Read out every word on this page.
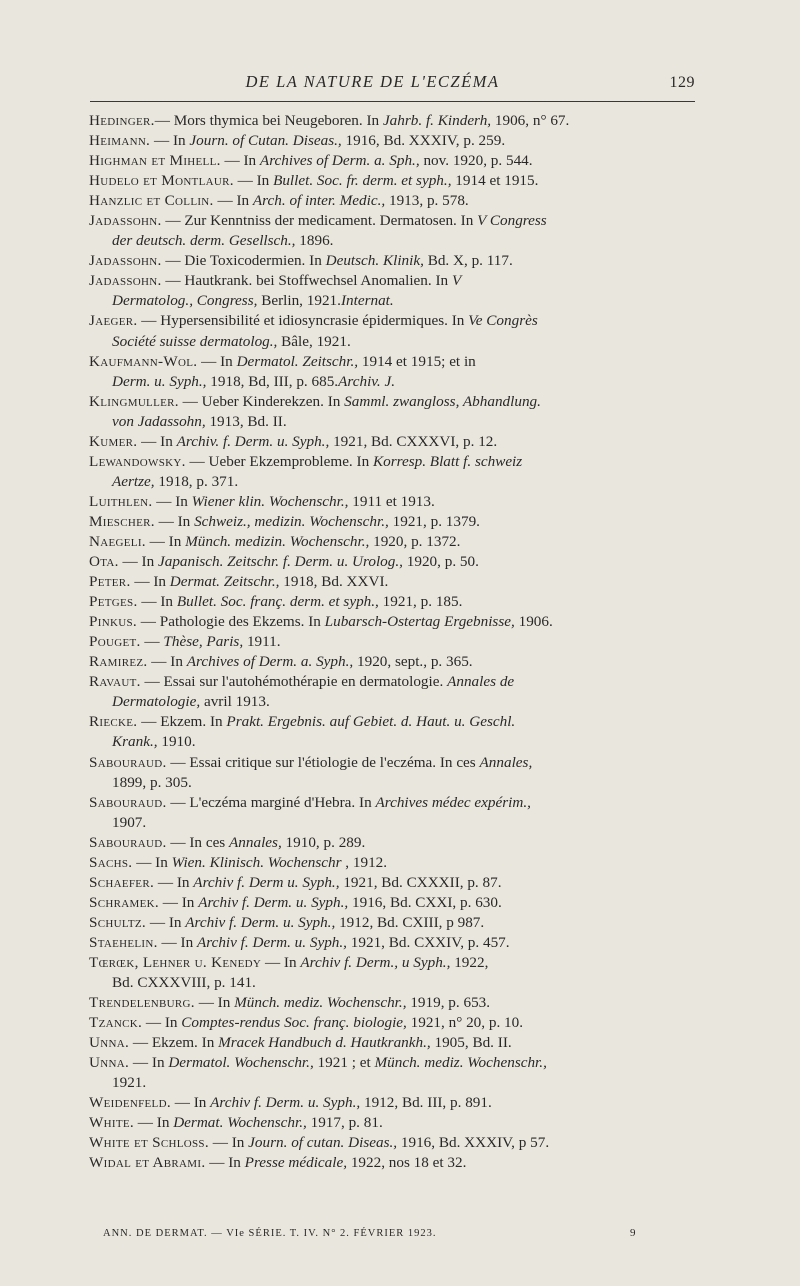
DE LA NATURE DE L'ECZÉMA	129
Hedinger.— Mors thymica bei Neugeboren. In Jahrb. f. Kinderh, 1906, n° 67.
Heimann. — In Journ. of Cutan. Diseas., 1916, Bd. XXXIV, p. 259.
Highman et Mihell. — In Archives of Derm. a. Sph., nov. 1920, p. 544.
Hudelo et Montlaur. — In Bullet. Soc. fr. derm. et syph., 1914 et 1915.
Hanzlic et Collin. — In Arch. of inter. Medic., 1913, p. 578.
Jadassohn. — Zur Kenntniss der medicament. Dermatosen. In V Congress
der deutsch. derm. Gesellsch., 1896.
Jadassohn. — Die Toxicodermien. In Deutsch. Klinik, Bd. X, p. 117.
Jadassohn. — Hautkrank. bei Stoffwechsel Anomalien. In V
Dermatolog., Congress, Berlin, 1921.Internat.
Jaeger. — Hypersensibilité et idiosyncrasie épidermiques. In Ve Congrès
Société suisse dermatolog., Bâle, 1921.
Kaufmann-Wol. — In Dermatol. Zeitschr., 1914 et 1915; et in
Derm. u. Syph., 1918, Bd, III, p. 685.Archiv. J.
Klingmuller. — Ueber Kinderekzen. In Samml. zwangloss, Abhandlung.
von Jadassohn, 1913, Bd. II.
Kumer. — In Archiv. f. Derm. u. Syph., 1921, Bd. CXXXVI, p. 12.
Lewandowsky. — Ueber Ekzemprobleme. In Korresp. Blatt f. schweiz
Aertze, 1918, p. 371.
Luithlen. — In Wiener klin. Wochenschr., 1911 et 1913.
Miescher. — In Schweiz., medizin. Wochenschr., 1921, p. 1379.
Naegeli. — In Münch. medizin. Wochenschr., 1920, p. 1372.
Ota. — In Japanisch. Zeitschr. f. Derm. u. Urolog., 1920, p. 50.
Peter. — In Dermat. Zeitschr., 1918, Bd. XXVI.
Petges. — In Bullet. Soc. franç. derm. et syph., 1921, p. 185.
Pinkus. — Pathologie des Ekzems. In Lubarsch-Ostertag Ergebnisse, 1906.
Pouget. — Thèse, Paris, 1911.
Ramirez. — In Archives of Derm. a. Syph., 1920, sept., p. 365.
Ravaut. — Essai sur l'autohémothérapie en dermatologie. Annales de
Dermatologie, avril 1913.
Riecke. — Ekzem. In Prakt. Ergebnis. auf Gebiet. d. Haut. u. Geschl.
Krank., 1910.
Sabouraud. — Essai critique sur l'étiologie de l'eczéma. In ces Annales,
1899, p. 305.
Sabouraud. — L'eczéma marginé d'Hebra. In Archives médec expérim.,
1907.
Sabouraud. — In ces Annales, 1910, p. 289.
Sachs. — In Wien. Klinisch. Wochenschr , 1912.
Schaefer. — In Archiv f. Derm u. Syph., 1921, Bd. CXXXII, p. 87.
Schramek. — In Archiv f. Derm. u. Syph., 1916, Bd. CXXI, p. 630.
Schultz. — In Archiv f. Derm. u. Syph., 1912, Bd. CXIII, p 987.
Staehelin. — In Archiv f. Derm. u. Syph., 1921, Bd. CXXIV, p. 457.
Tœrœk, Lehner u. Kenedy — In Archiv f. Derm., u Syph., 1922,
Bd. CXXXVIII, p. 141.
Trendelenburg. — In Münch. mediz. Wochenschr., 1919, p. 653.
Tzanck. — In Comptes-rendus Soc. franç. biologie, 1921, n° 20, p. 10.
Unna. — Ekzem. In Mracek Handbuch d. Hautkrankh., 1905, Bd. II.
Unna. — In Dermatol. Wochenschr., 1921 ; et Münch. mediz. Wochenschr.,
1921.
Weidenfeld. — In Archiv f. Derm. u. Syph., 1912, Bd. III, p. 891.
White. — In Dermat. Wochenschr., 1917, p. 81.
White et Schloss. — In Journ. of cutan. Diseas., 1916, Bd. XXXIV, p 57.
Widal et Abrami. — In Presse médicale, 1922, nos 18 et 32.
ANN. DE DERMAT. — VIe SÉRIE. T. IV. N° 2. FÉVRIER 1923.	9
